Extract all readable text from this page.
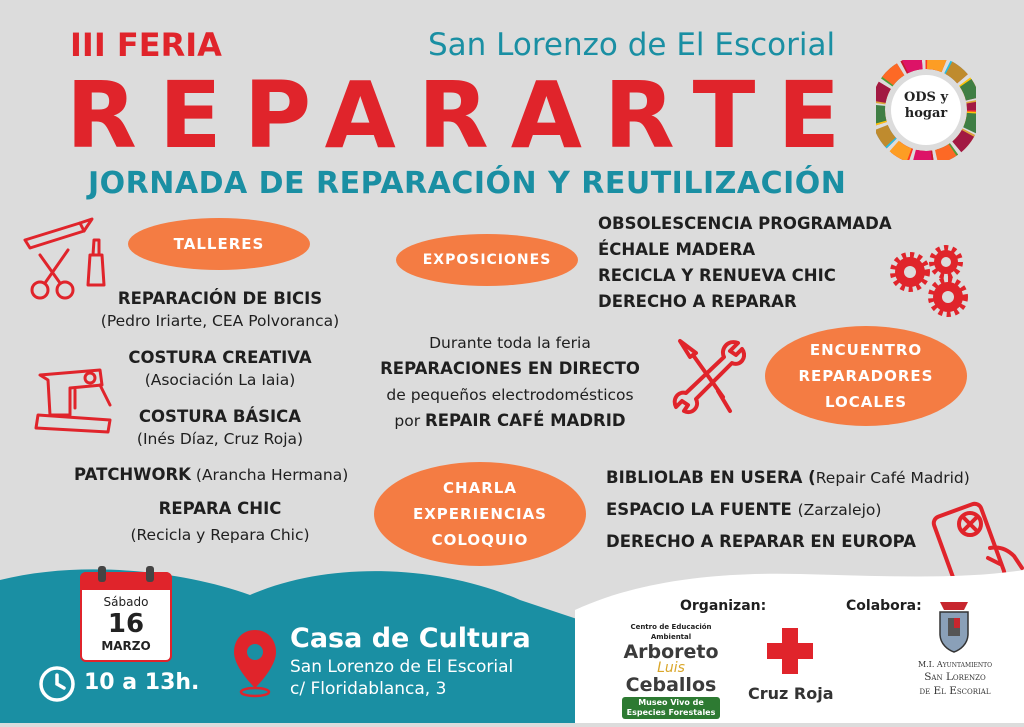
III FERIA	San Lorenzo de El Escorial
REPARARTE
JORNADA DE REPARACIÓN Y REUTILIZACIÓN
ODS y
hogar
TALLERES
REPARACIÓN DE BICIS
(Pedro Iriarte, CEA Polvoranca)
COSTURA CREATIVA
(Asociación La Iaia)
COSTURA BÁSICA
(Inés Díaz, Cruz Roja)
PATCHWORK (Arancha Hermana)
REPARA CHIC
(Recicla y Repara Chic)
EXPOSICIONES
OBSOLESCENCIA PROGRAMADA
ÉCHALE MADERA
RECICLA Y RENUEVA CHIC
DERECHO A REPARAR
Durante toda la feria
REPARACIONES EN DIRECTO
de pequeños electrodomésticos
por REPAIR CAFÉ MADRID
ENCUENTRO
REPARADORES
LOCALES
CHARLA
EXPERIENCIAS
COLOQUIO
BIBLIOLAB EN USERA (Repair Café Madrid)
ESPACIO LA FUENTE (Zarzalejo)
DERECHO A REPARAR EN EUROPA
Sábado
16
MARZO
10 a 13h.
Casa de Cultura
San Lorenzo de El Escorial
c/ Floridablanca, 3
Organizan:	Colabora:
Centro de Educación Ambiental
Arboreto
Luis
Ceballos
Museo Vivo de
Especies Forestales
Cruz Roja
M.I. Ayuntamiento
San Lorenzo
de El Escorial
